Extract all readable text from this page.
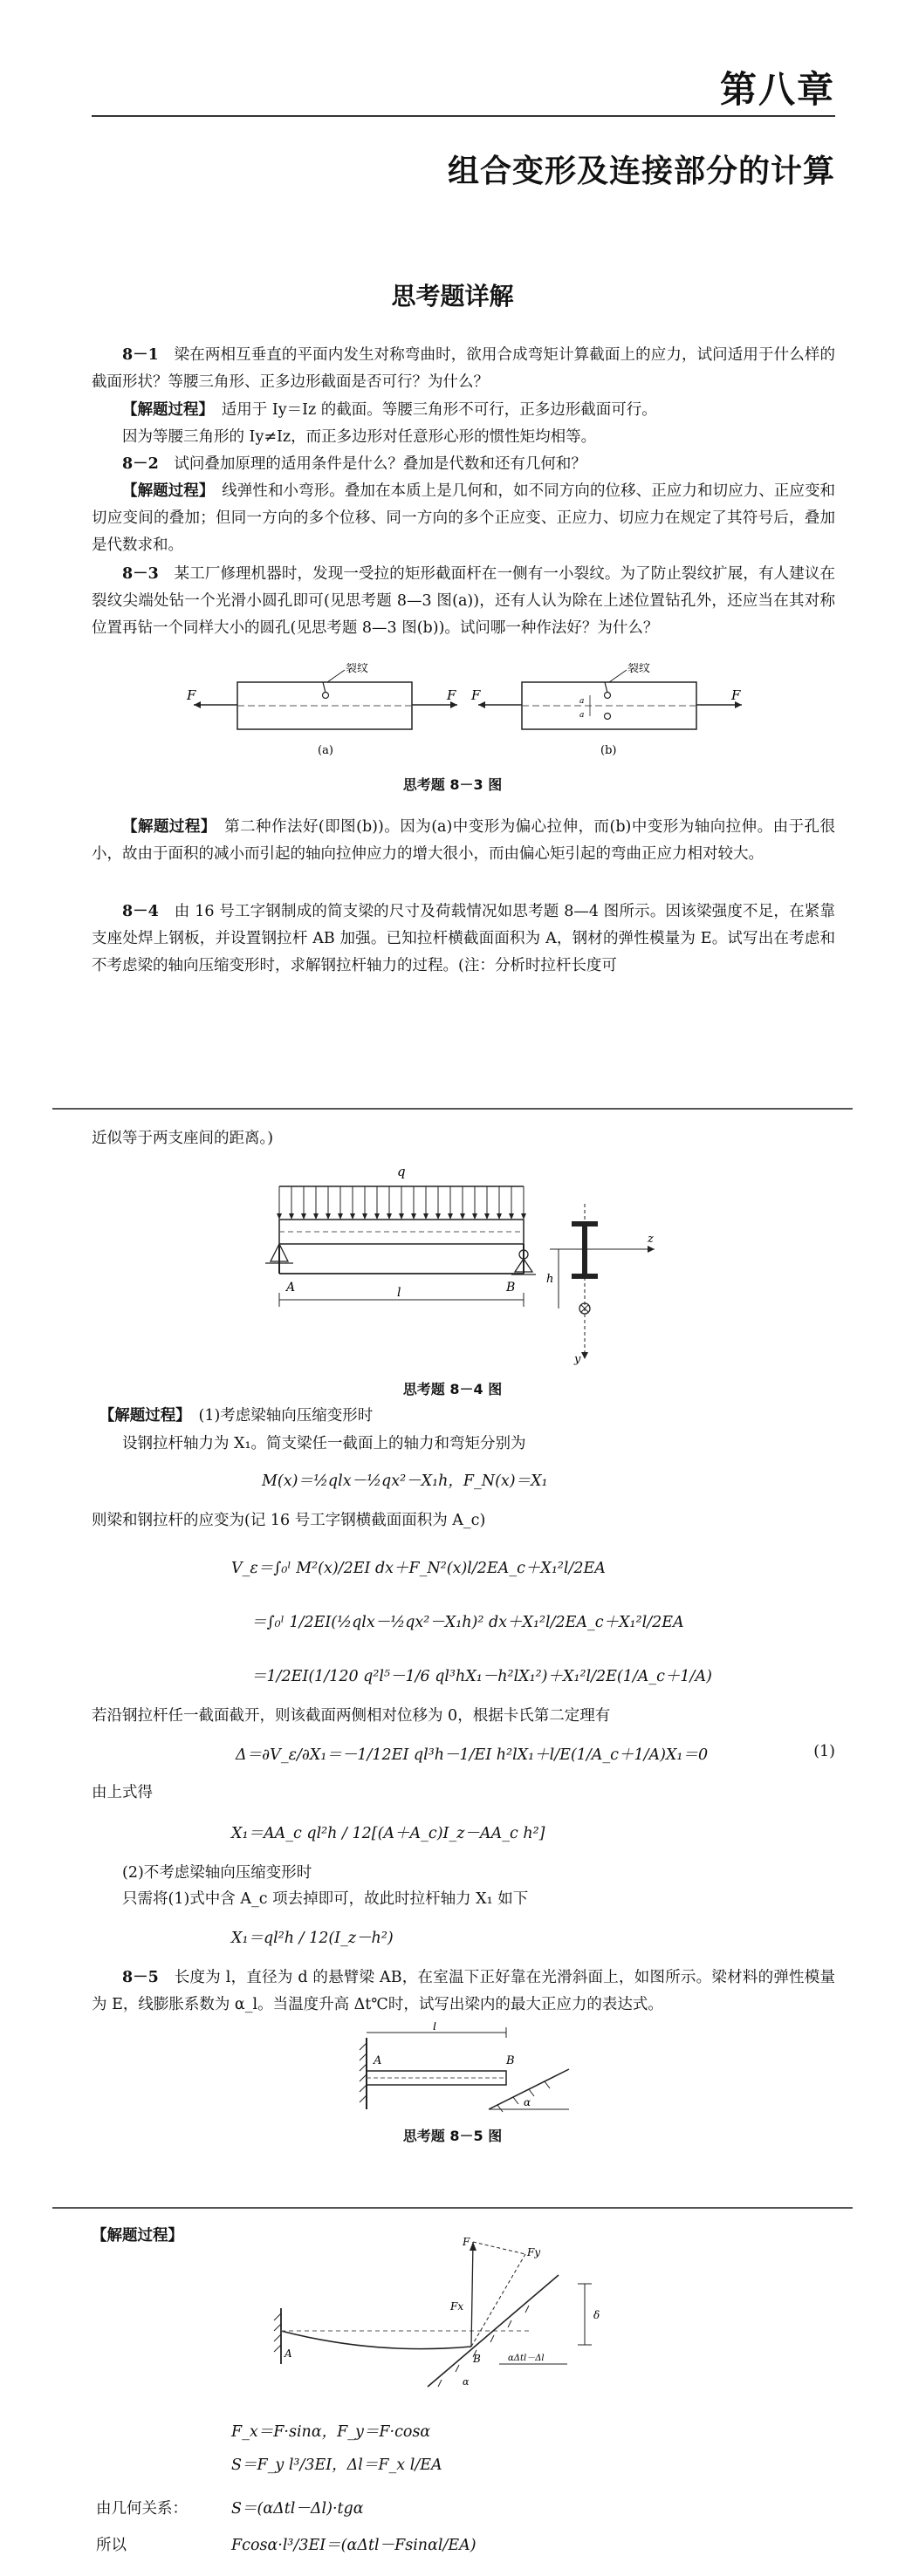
第八章
组合变形及连接部分的计算
思考题详解

8－1　 梁在两相互垂直的平面内发生对称弯曲时，欲用合成弯矩计算截面上的应力，试问适用于什么样的截面形状？等腰三角形、正多边形截面是否可行？为什么？

【解题过程】　 适用于 Iy＝Iz 的截面。等腰三角形不可行，正多边形截面可行。

因为等腰三角形的 Iy≠Iz，而正多边形对任意形心形的惯性矩均相等。

8－2　 试问叠加原理的适用条件是什么？叠加是代数和还有几何和？

【解题过程】　 线弹性和小弯形。叠加在本质上是几何和，如不同方向的位移、正应力和切应力、正应变和切应变间的叠加；但同一方向的多个位移、同一方向的多个正应变、正应力、切应力在规定了其符号后，叠加是代数求和。

8－3　 某工厂修理机器时，发现一受拉的矩形截面杆在一侧有一小裂纹。为了防止裂纹扩展，有人建议在裂纹尖端处钻一个光滑小圆孔即可(见思考题 8—3 图(a))，还有人认为除在上述位置钻孔外，还应当在其对称位置再钻一个同样大小的圆孔(见思考题 8—3 图(b))。试问哪一种作法好？为什么？

F
裂纹
F
(a)
F	a
a
裂纹
F
(b)
思考题 8－3 图

【解题过程】　 第二种作法好(即图(b))。因为(a)中变形为偏心拉伸，而(b)中变形为轴向拉伸。由于孔很小，故由于面积的减小而引起的轴向拉伸应力的增大很小，而由偏心矩引起的弯曲正应力相对较大。

8－4　 由 16 号工字钢制成的简支梁的尺寸及荷载情况如思考题 8—4 图所示。因该梁强度不足，在紧靠支座处焊上钢板，并设置钢拉杆 AB 加强。已知拉杆横截面面积为 A，钢材的弹性模量为 E。试写出在考虑和不考虑梁的轴向压缩变形时，求解钢拉杆轴力的过程。(注：分析时拉杆长度可

近似等于两支座间的距离。)

q
A	B
l
z
h
y
思考题 8－4 图

【解题过程】　 (1)考虑梁轴向压缩变形时

设钢拉杆轴力为 X₁。简支梁任一截面上的轴力和弯矩分别为

M(x)＝½qlx－½qx²－X₁h，F_N(x)＝X₁

则梁和钢拉杆的应变为(记 16 号工字钢横截面面积为 A_c)

V_ε＝∫₀ˡ M²(x)/2EI dx＋F_N²(x)l/2EA_c＋X₁²l/2EA
＝∫₀ˡ 1/2EI(½qlx－½qx²－X₁h)² dx＋X₁²l/2EA_c＋X₁²l/2EA
＝1/2EI(1/120 q²l⁵－1/6 ql³hX₁－h²lX₁²)＋X₁²l/2E(1/A_c＋1/A)

若沿钢拉杆任一截面截开，则该截面两侧相对位移为 0，根据卡氏第二定理有

Δ＝∂V_ε/∂X₁＝－1/12EI ql³h－1/EI h²lX₁＋l/E(1/A_c＋1/A)X₁＝0	(1)

由上式得

X₁＝AA_c ql²h / 12[(A＋A_c)I_z－AA_c h²]

(2)不考虑梁轴向压缩变形时

只需将(1)式中含 A_c 项去掉即可，故此时拉杆轴力 X₁ 如下

X₁＝ql²h / 12(I_z－h²)

8－5　 长度为 l，直径为 d 的悬臂梁 AB，在室温下正好靠在光滑斜面上，如图所示。梁材料的弹性模量为 E，线膨胀系数为 α_l。当温度升高 Δt℃时，试写出梁内的最大正应力的表达式。

A	B
l
α
思考题 8－5 图

【解题过程】

A	B
F
Fy
Fx
δ
αΔtl－Δl
α
F_x＝F·sinα，F_y＝F·cosα
S＝F_y l³/3EI，Δl＝F_x l/EA
由几何关系：	S＝(αΔtl－Δl)·tgα
所以	Fcosα·l³/3EI＝(αΔtl－Fsinαl/EA)
